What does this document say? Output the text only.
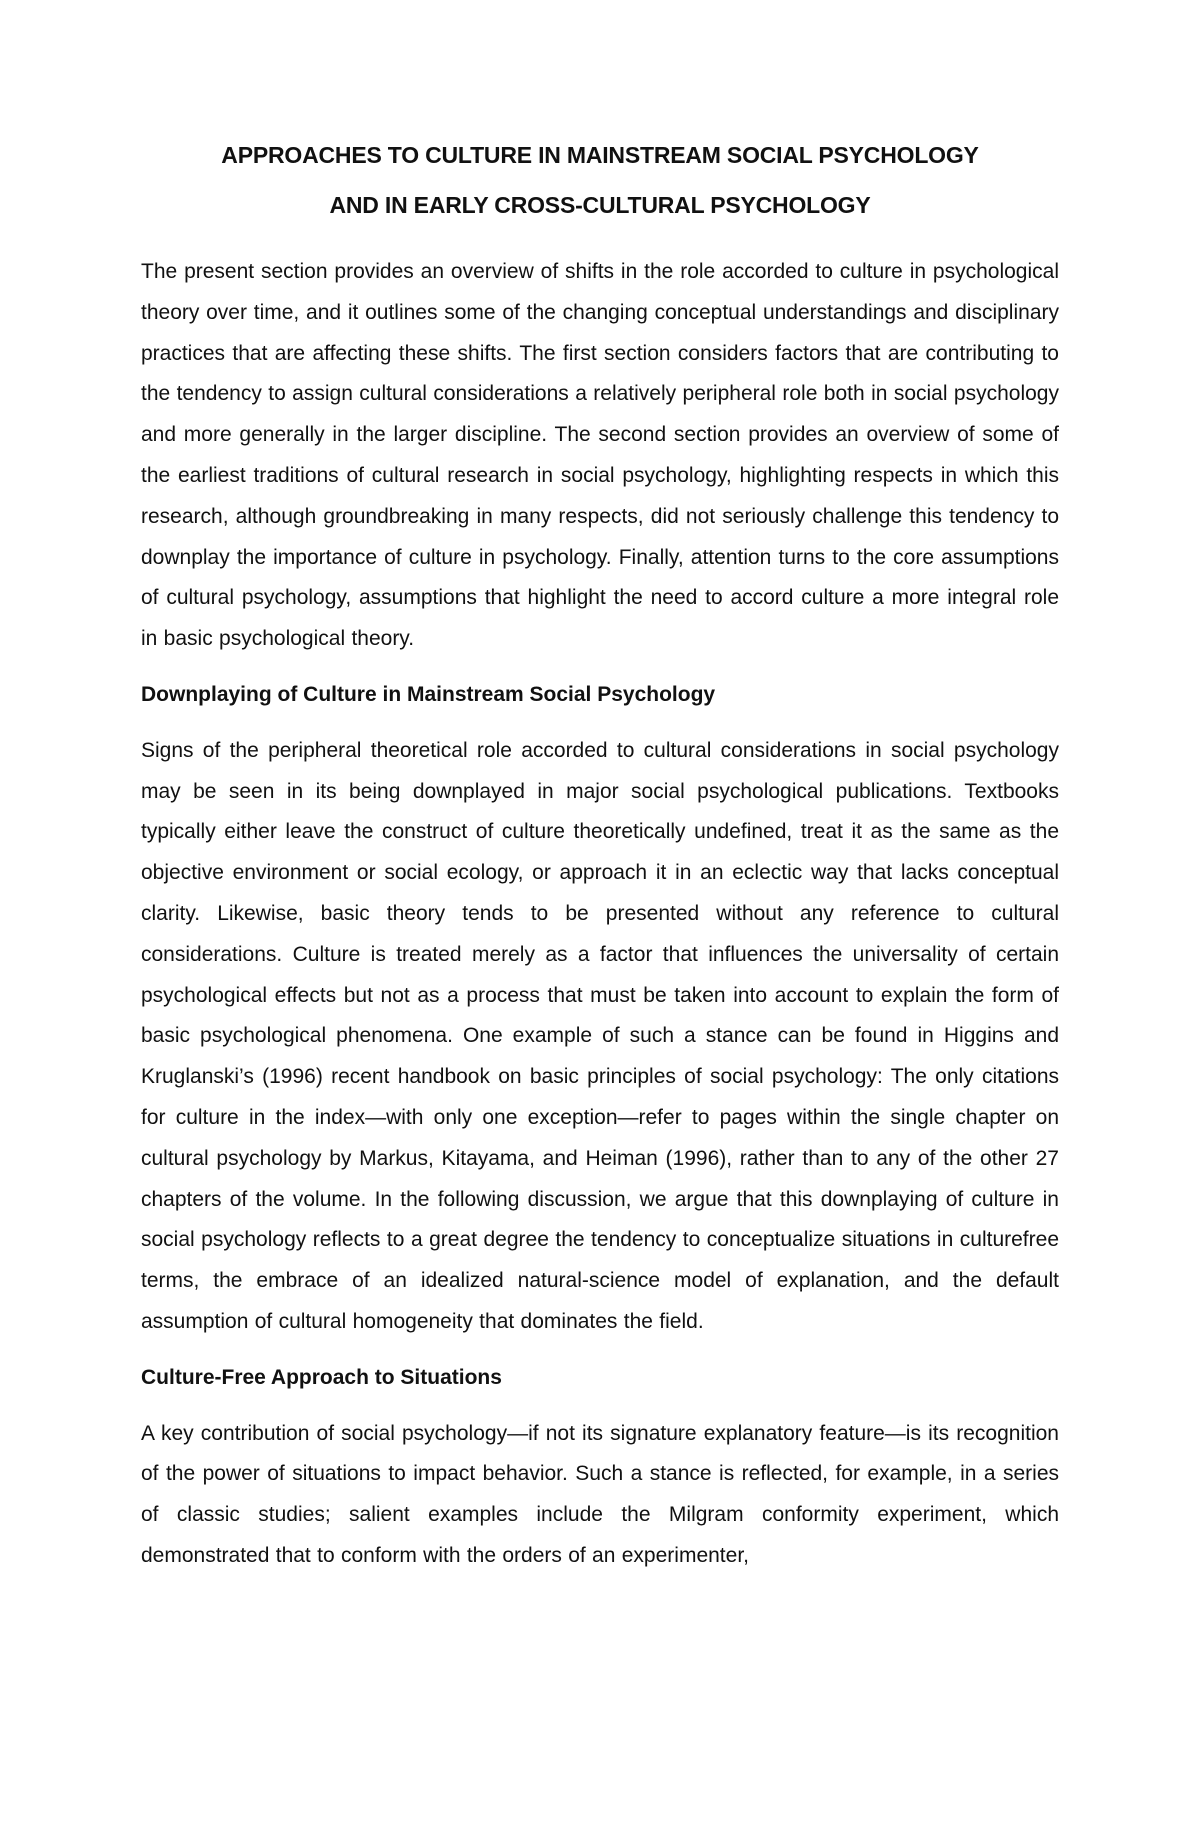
APPROACHES TO CULTURE IN MAINSTREAM SOCIAL PSYCHOLOGY
AND IN EARLY CROSS-CULTURAL PSYCHOLOGY

The present section provides an overview of shifts in the role accorded to culture in psychological theory over time, and it outlines some of the changing conceptual understandings and disciplinary practices that are affecting these shifts. The first section considers factors that are contributing to the tendency to assign cultural considerations a relatively peripheral role both in social psychology and more generally in the larger discipline. The second section provides an overview of some of the earliest traditions of cultural research in social psychology, highlighting respects in which this research, although groundbreaking in many respects, did not seriously challenge this tendency to downplay the importance of culture in psychology. Finally, attention turns to the core assumptions of cultural psychology, assumptions that highlight the need to accord culture a more integral role in basic psychological theory.

Downplaying of Culture in Mainstream Social Psychology

Signs of the peripheral theoretical role accorded to cultural considerations in social psychology may be seen in its being downplayed in major social psychological publications. Textbooks typically either leave the construct of culture theoretically undefined, treat it as the same as the objective environment or social ecology, or approach it in an eclectic way that lacks conceptual clarity. Likewise, basic theory tends to be presented without any reference to cultural considerations. Culture is treated merely as a factor that influences the universality of certain psychological effects but not as a process that must be taken into account to explain the form of basic psychological phenomena. One example of such a stance can be found in Higgins and Kruglanski’s (1996) recent handbook on basic principles of social psychology: The only citations for culture in the index—with only one exception—refer to pages within the single chapter on cultural psychology by Markus, Kitayama, and Heiman (1996), rather than to any of the other 27 chapters of the volume. In the following discussion, we argue that this downplaying of culture in social psychology reflects to a great degree the tendency to conceptualize situations in culturefree terms, the embrace of an idealized natural-science model of explanation, and the default assumption of cultural homogeneity that dominates the field.

Culture-Free Approach to Situations

A key contribution of social psychology—if not its signature explanatory feature—is its recognition of the power of situations to impact behavior. Such a stance is reflected, for example, in a series of classic studies; salient examples include the Milgram conformity experiment, which demonstrated that to conform with the orders of an experimenter,
